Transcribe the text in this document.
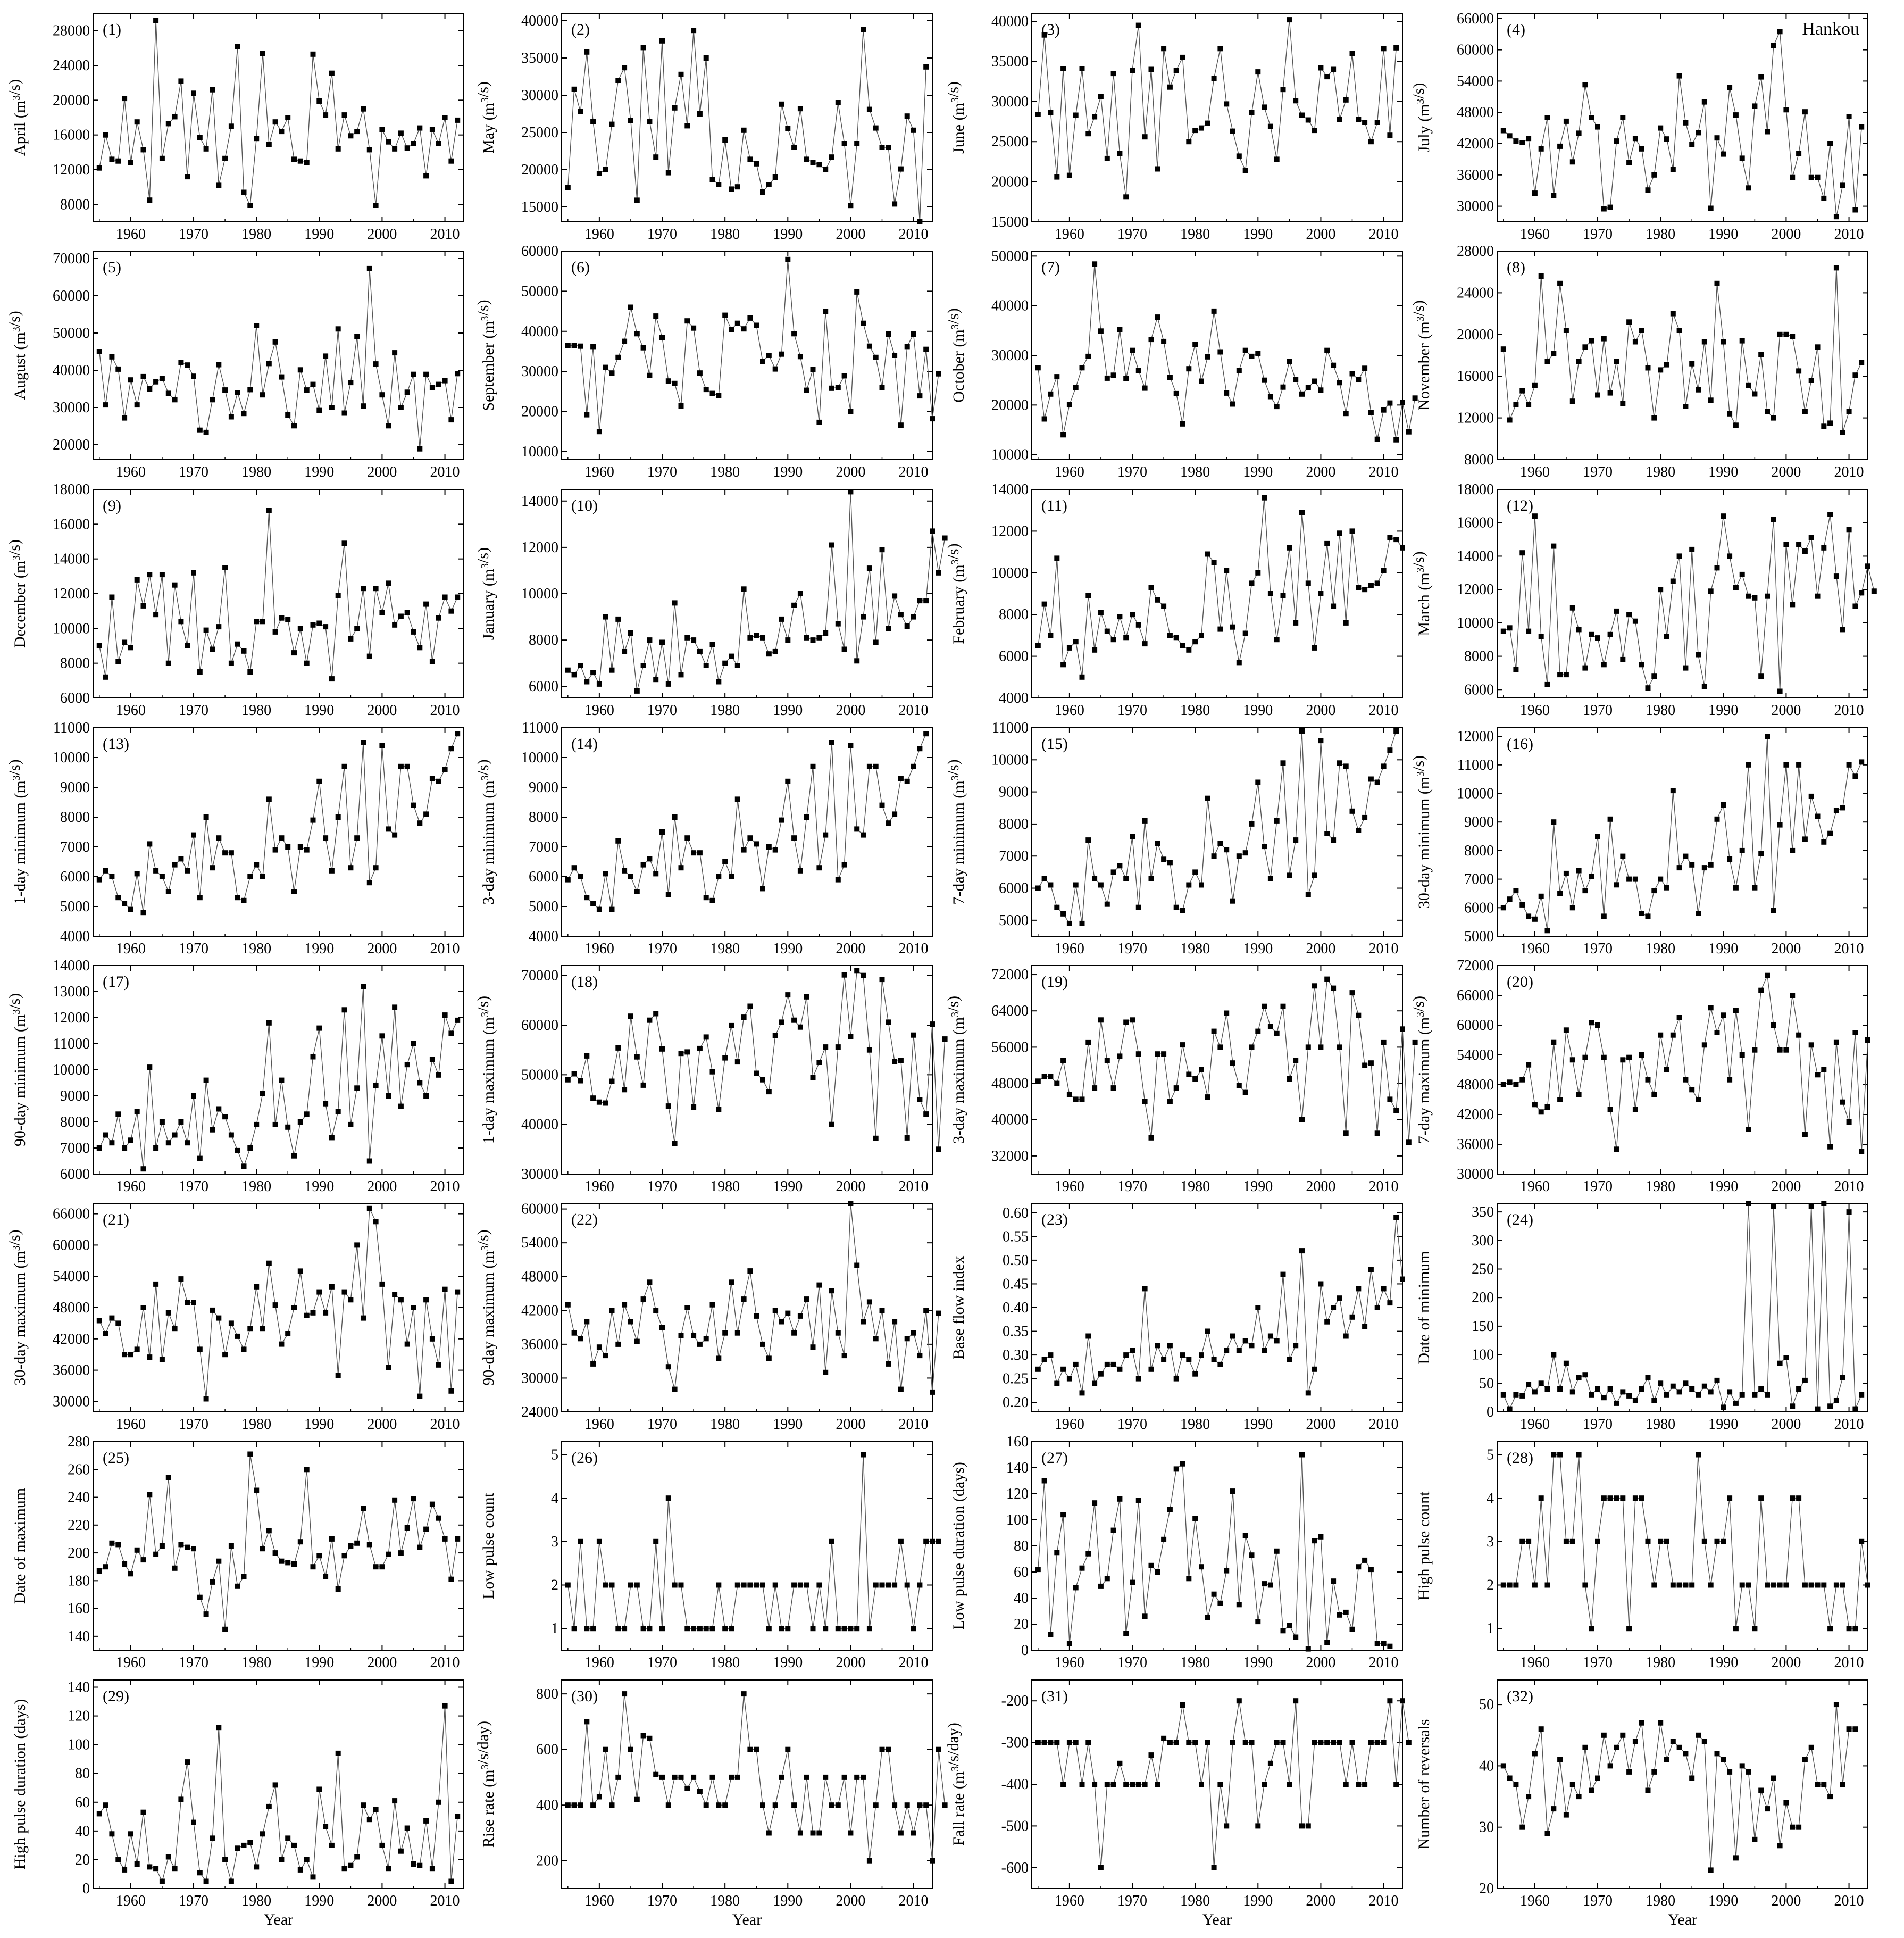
1960 1970 1980 1990 2000 2010
8000
12000
16000
20000
24000
28000 (1)
April $(m^3/s)$
1960 1970 1980 1990 2000 2010
15000
20000
25000
30000
35000
40000 (2)
May $(m^3/s)$
1960 1970 1980 1990 2000 2010
15000
20000
25000
30000
35000
40000 (3)
June $(m^3/s)$
1960 1970 1980 1990 2000 2010
30000
36000
42000
48000
54000
60000
66000
(4)
July $(m^3/s)$
Hankou
1960 1970 1980 1990 2000 2010
20000
30000
40000
50000
60000
70000 (5)
August $(m^3/s)$
1960 1970 1980 1990 2000 2010
10000
20000
30000
40000
50000
60000
(6)
September $(m^3/s)$
1960 1970 1980 1990 2000 2010
10000
20000
30000
40000
50000
(7)
October $(m^3/s)$
1960 1970 1980 1990 2000 2010
8000
12000
16000
20000
24000
28000
(8)
November $(m^3/s)$
1960 1970 1980 1990 2000 2010
6000
8000
10000
12000
14000
16000
18000
(9)
December $(m^3/s)$
1960 1970 1980 1990 2000 2010
6000
8000
10000
12000
14000 (10)
January $(m^3/s)$
1960 1970 1980 1990 2000 2010
4000
6000
8000
10000
12000
14000
(11)
February $(m^3/s)$
1960 1970 1980 1990 2000 2010
6000
8000
10000
12000
14000
16000
18000
(12)
March $(m^3/s)$
1960 1970 1980 1990 2000 2010
4000
5000
6000
7000
8000
9000
10000
11000
(13)
1-day minimum $(m^3/s)$
1960 1970 1980 1990 2000 2010
4000
5000
6000
7000
8000
9000
10000
11000
(14)
3-day minimum $(m^3/s)$
1960 1970 1980 1990 2000 2010
5000
6000
7000
8000
9000
10000
11000
(15)
7-day minimum $(m^3/s)$
1960 1970 1980 1990 2000 2010
5000
6000
7000
8000
9000
10000
11000
12000 (16)
30-day minimum $(m^3/s)$
1960 1970 1980 1990 2000 2010
6000
7000
8000
9000
10000
11000
12000
13000
14000
(17)
90-day minimum $(m^3/s)$
1960 1970 1980 1990 2000 2010
30000
40000
50000
60000
70000 (18)
1-day maximum $(m^3/s)$
1960 1970 1980 1990 2000 2010
32000
40000
48000
56000
64000
72000 (19)
3-day maximum $(m^3/s)$
1960 1970 1980 1990 2000 2010
30000
36000
42000
48000
54000
60000
66000
72000
(20)
7-day maximum $(m^3/s)$
1960 1970 1980 1990 2000 2010
30000
36000
42000
48000
54000
60000
66000 (21)
30-day maximum $(m^3/s)$
1960 1970 1980 1990 2000 2010
24000
30000
36000
42000
48000
54000
60000
(22)
90-day maximum $(m^3/s)$
1960 1970 1980 1990 2000 2010
0.20
0.25
0.30
0.35
0.40
0.45
0.50
0.55
0.60 (23)
Base flow index
1960 1970 1980 1990 2000 2010
0
50
100
150
200
250
300
350 (24)
Date of minimum
1960 1970 1980 1990 2000 2010
140
160
180
200
220
240
260
280
(25)
Date of maximum
1960 1970 1980 1990 2000 2010
1
2
3
4
5 (26)
Low pulse count
1960 1970 1980 1990 2000 2010
0
20
40
60
80
100
120
140
160
(27)
Low pulse duration (days)
1960 1970 1980 1990 2000 2010
1
2
3
4
5 (28)
High pulse count
1960 1970 1980 1990 2000 2010
0
20
40
60
80
100
120
140 (29)
High pulse duration (days)
Year
1960 1970 1980 1990 2000 2010
200
400
600
800 (30)
Rise rate $(m^3/s/day)$
Year
1960 1970 1980 1990 2000 2010
-600
-500
-400
-300
-200 (31)
Fall rate $(m^3/s/day)$
Year
1960 1970 1980 1990 2000 2010
20
30
40
50 (32)
Number of reversals
Year
